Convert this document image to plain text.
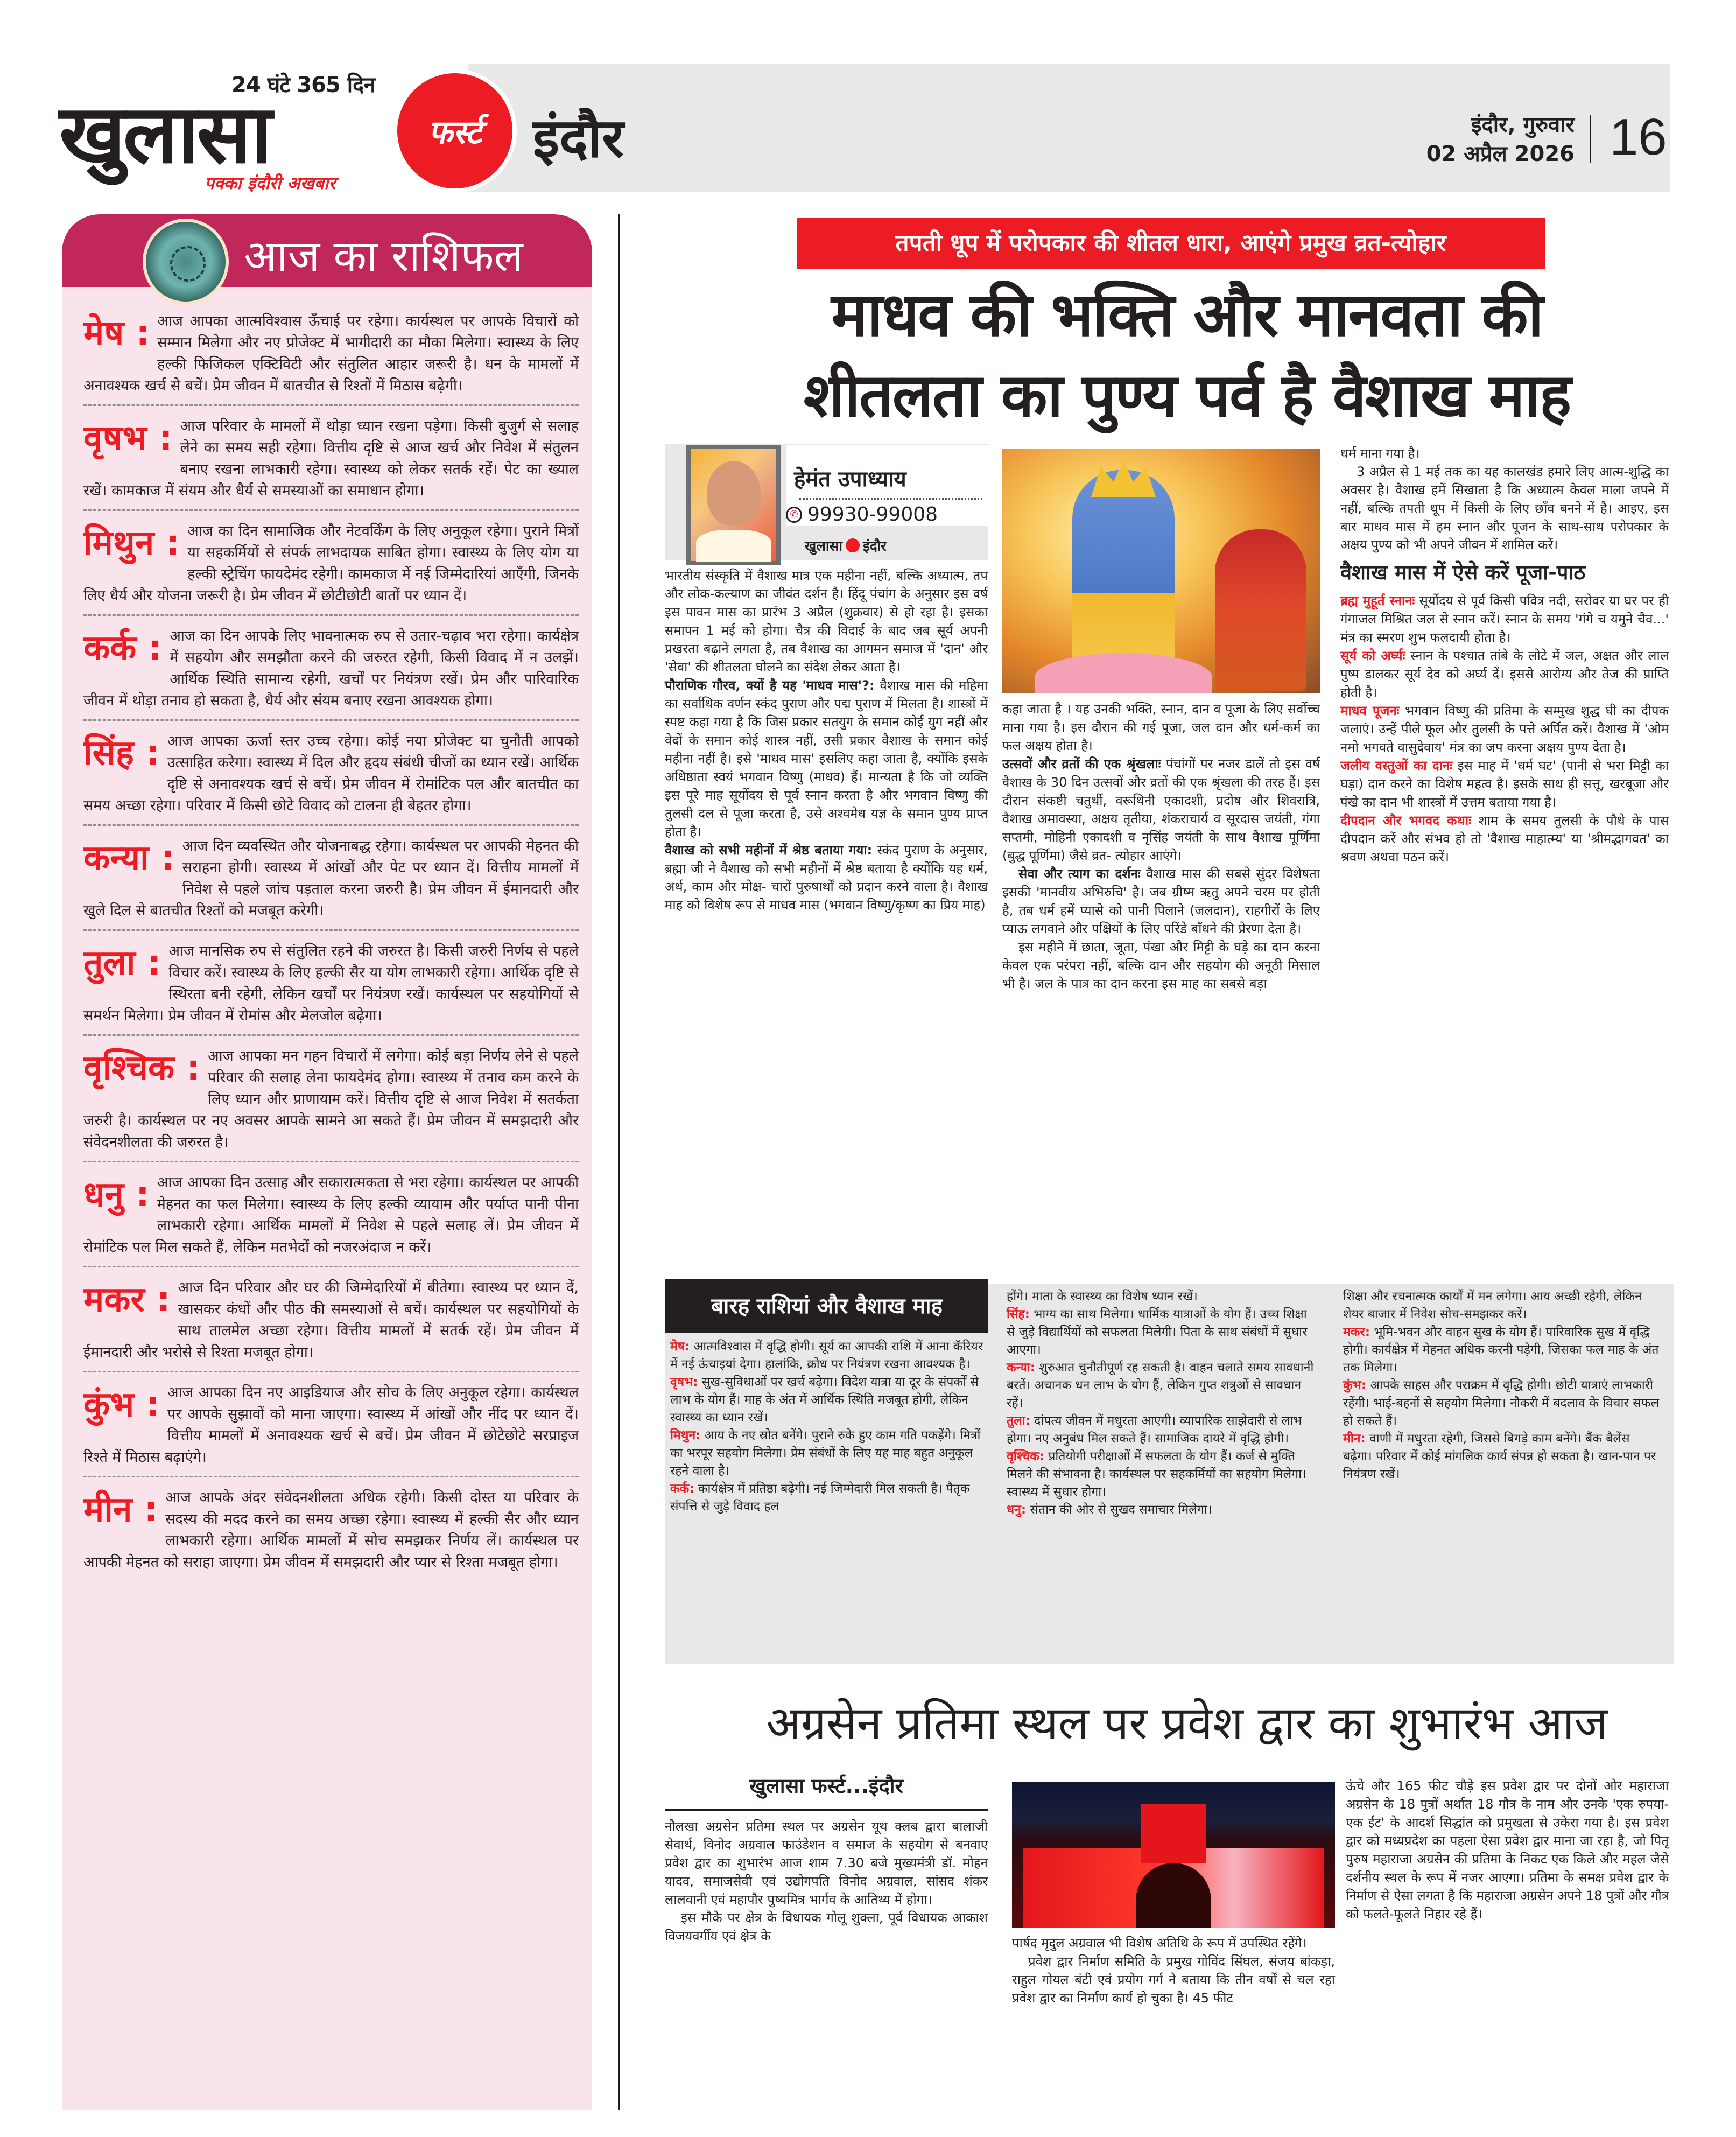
फर्स्ट
24 घंटे 365 दिन
खुलासा
पक्का इंदौरी अखबार
इंदौर	इंदौर, गुरुवार
02 अप्रैल 2026 16
आज का राशिफल
मेष : आज आपका आत्मविश्वास ऊँचाई पर रहेगा। कार्यस्थल पर आपके विचारों को सम्मान मिलेगा और नए प्रोजेक्ट में भागीदारी का मौका मिलेगा। स्वास्थ्य के लिए हल्की फिजिकल एक्टिविटी और संतुलित आहार जरूरी है। धन के मामलों में अनावश्यक खर्च से बचें। प्रेम जीवन में बातचीत से रिश्तों में मिठास बढ़ेगी।
वृषभ : आज परिवार के मामलों में थोड़ा ध्यान रखना पड़ेगा। किसी बुजुर्ग से सलाह लेने का समय सही रहेगा। वित्तीय दृष्टि से आज खर्च और निवेश में संतुलन बनाए रखना लाभकारी रहेगा। स्वास्थ्य को लेकर सतर्क रहें। पेट का ख्याल रखें। कामकाज में संयम और धैर्य से समस्याओं का समाधान होगा।
मिथुन : आज का दिन सामाजिक और नेटवर्किंग के लिए अनुकूल रहेगा। पुराने मित्रों या सहकर्मियों से संपर्क लाभदायक साबित होगा। स्वास्थ्य के लिए योग या हल्की स्ट्रेचिंग फायदेमंद रहेगी। कामकाज में नई जिम्मेदारियां आएँगी, जिनके लिए धैर्य और योजना जरूरी है। प्रेम जीवन में छोटीछोटी बातों पर ध्यान दें।
कर्क : आज का दिन आपके लिए भावनात्मक रुप से उतार-चढ़ाव भरा रहेगा। कार्यक्षेत्र में सहयोग और समझौता करने की जरुरत रहेगी, किसी विवाद में न उलझें। आर्थिक स्थिति सामान्य रहेगी, खर्चों पर नियंत्रण रखें। प्रेम और पारिवारिक जीवन में थोड़ा तनाव हो सकता है, धैर्य और संयम बनाए रखना आवश्यक होगा।
सिंह : आज आपका ऊर्जा स्तर उच्च रहेगा। कोई नया प्रोजेक्ट या चुनौती आपको उत्साहित करेगा। स्वास्थ्य में दिल और हृदय संबंधी चीजों का ध्यान रखें। आर्थिक दृष्टि से अनावश्यक खर्च से बचें। प्रेम जीवन में रोमांटिक पल और बातचीत का समय अच्छा रहेगा। परिवार में किसी छोटे विवाद को टालना ही बेहतर होगा।
कन्या : आज दिन व्यवस्थित और योजनाबद्ध रहेगा। कार्यस्थल पर आपकी मेहनत की सराहना होगी। स्वास्थ्य में आंखों और पेट पर ध्यान दें। वित्तीय मामलों में निवेश से पहले जांच पड़ताल करना जरुरी है। प्रेम जीवन में ईमानदारी और खुले दिल से बातचीत रिश्तों को मजबूत करेगी।
तुला : आज मानसिक रुप से संतुलित रहने की जरुरत है। किसी जरुरी निर्णय से पहले विचार करें। स्वास्थ्य के लिए हल्की सैर या योग लाभकारी रहेगा। आर्थिक दृष्टि से स्थिरता बनी रहेगी, लेकिन खर्चों पर नियंत्रण रखें। कार्यस्थल पर सहयोगियों से समर्थन मिलेगा। प्रेम जीवन में रोमांस और मेलजोल बढ़ेगा।
वृश्चिक : आज आपका मन गहन विचारों में लगेगा। कोई बड़ा निर्णय लेने से पहले परिवार की सलाह लेना फायदेमंद होगा। स्वास्थ्य में तनाव कम करने के लिए ध्यान और प्राणायाम करें। वित्तीय दृष्टि से आज निवेश में सतर्कता जरुरी है। कार्यस्थल पर नए अवसर आपके सामने आ सकते हैं। प्रेम जीवन में समझदारी और संवेदनशीलता की जरुरत है।
धनु : आज आपका दिन उत्साह और सकारात्मकता से भरा रहेगा। कार्यस्थल पर आपकी मेहनत का फल मिलेगा। स्वास्थ्य के लिए हल्की व्यायाम और पर्याप्त पानी पीना लाभकारी रहेगा। आर्थिक मामलों में निवेश से पहले सलाह लें। प्रेम जीवन में रोमांटिक पल मिल सकते हैं, लेकिन मतभेदों को नजरअंदाज न करें।
मकर : आज दिन परिवार और घर की जिम्मेदारियों में बीतेगा। स्वास्थ्य पर ध्यान दें, खासकर कंधों और पीठ की समस्याओं से बचें। कार्यस्थल पर सहयोगियों के साथ तालमेल अच्छा रहेगा। वित्तीय मामलों में सतर्क रहें। प्रेम जीवन में ईमानदारी और भरोसे से रिश्ता मजबूत होगा।
कुंभ : आज आपका दिन नए आइडियाज और सोच के लिए अनुकूल रहेगा। कार्यस्थल पर आपके सुझावों को माना जाएगा। स्वास्थ्य में आंखों और नींद पर ध्यान दें। वित्तीय मामलों में अनावश्यक खर्च से बचें। प्रेम जीवन में छोटेछोटे सरप्राइज रिश्ते में मिठास बढ़ाएंगे।
मीन : आज आपके अंदर संवेदनशीलता अधिक रहेगी। किसी दोस्त या परिवार के सदस्य की मदद करने का समय अच्छा रहेगा। स्वास्थ्य में हल्की सैर और ध्यान लाभकारी रहेगा। आर्थिक मामलों में सोच समझकर निर्णय लें। कार्यस्थल पर आपकी मेहनत को सराहा जाएगा। प्रेम जीवन में समझदारी और प्यार से रिश्ता मजबूत होगा।
तपती धूप में परोपकार की शीतल धारा, आएंगे प्रमुख व्रत-त्योहार
माधव की भक्ति और मानवता की
शीतलता का पुण्य पर्व है वैशाख माह
हेमंत उपाध्याय
✆ 99930-99008
खुलासा इंदौर

भारतीय संस्कृति में वैशाख मात्र एक महीना नहीं, बल्कि अध्यात्म, तप और लोक-कल्याण का जीवंत दर्शन है। हिंदू पंचांग के अनुसार इस वर्ष इस पावन मास का प्रारंभ 3 अप्रैल (शुक्रवार) से हो रहा है। इसका समापन 1 मई को होगा। चैत्र की विदाई के बाद जब सूर्य अपनी प्रखरता बढ़ाने लगता है, तब वैशाख का आगमन समाज में 'दान' और 'सेवा' की शीतलता घोलने का संदेश लेकर आता है।

पौराणिक गौरव, क्यों है यह 'माधव मास'?: वैशाख मास की महिमा का सर्वाधिक वर्णन स्कंद पुराण और पद्म पुराण में मिलता है। शास्त्रों में स्पष्ट कहा गया है कि जिस प्रकार सतयुग के समान कोई युग नहीं और वेदों के समान कोई शास्त्र नहीं, उसी प्रकार वैशाख के समान कोई महीना नहीं है। इसे 'माधव मास' इसलिए कहा जाता है, क्योंकि इसके अधिष्ठाता स्वयं भगवान विष्णु (माधव) हैं। मान्यता है कि जो व्यक्ति इस पूरे माह सूर्योदय से पूर्व स्नान करता है और भगवान विष्णु की तुलसी दल से पूजा करता है, उसे अश्वमेध यज्ञ के समान पुण्य प्राप्त होता है।

वैशाख को सभी महीनों में श्रेष्ठ बताया गया: स्कंद पुराण के अनुसार, ब्रह्मा जी ने वैशाख को सभी महीनों में श्रेष्ठ बताया है क्योंकि यह धर्म, अर्थ, काम और मोक्ष- चारों पुरुषार्थों को प्रदान करने वाला है। वैशाख माह को विशेष रूप से माधव मास (भगवान विष्णु/कृष्ण का प्रिय माह)

कहा जाता है । यह उनकी भक्ति, स्नान, दान व पूजा के लिए सर्वोच्च माना गया है। इस दौरान की गई पूजा, जल दान और धर्म-कर्म का फल अक्षय होता है।

उत्सवों और व्रतों की एक श्रृंखलाः पंचांगों पर नजर डालें तो इस वर्ष वैशाख के 30 दिन उत्सवों और व्रतों की एक श्रृंखला की तरह हैं। इस दौरान संकष्टी चतुर्थी, वरूथिनी एकादशी, प्रदोष और शिवरात्रि, वैशाख अमावस्या, अक्षय तृतीया, शंकराचार्य व सूरदास जयंती, गंगा सप्तमी, मोहिनी एकादशी व नृसिंह जयंती के साथ वैशाख पूर्णिमा (बुद्ध पूर्णिमा) जैसे व्रत- त्योहार आएंगे।

सेवा और त्याग का दर्शनः वैशाख मास की सबसे सुंदर विशेषता इसकी 'मानवीय अभिरुचि' है। जब ग्रीष्म ऋतु अपने चरम पर होती है, तब धर्म हमें प्यासे को पानी पिलाने (जलदान), राहगीरों के लिए प्याऊ लगवाने और पक्षियों के लिए परिंडे बाँधने की प्रेरणा देता है।

इस महीने में छाता, जूता, पंखा और मिट्टी के घड़े का दान करना केवल एक परंपरा नहीं, बल्कि दान और सहयोग की अनूठी मिसाल भी है। जल के पात्र का दान करना इस माह का सबसे बड़ा

धर्म माना गया है।

3 अप्रैल से 1 मई तक का यह कालखंड हमारे लिए आत्म-शुद्धि का अवसर है। वैशाख हमें सिखाता है कि अध्यात्म केवल माला जपने में नहीं, बल्कि तपती धूप में किसी के लिए छाँव बनने में है। आइए, इस बार माधव मास में हम स्नान और पूजन के साथ-साथ परोपकार के अक्षय पुण्य को भी अपने जीवन में शामिल करें।

वैशाख मास में ऐसे करें पूजा-पाठ

ब्रह्म मुहूर्त स्नानः सूर्योदय से पूर्व किसी पवित्र नदी, सरोवर या घर पर ही गंगाजल मिश्रित जल से स्नान करें। स्नान के समय 'गंगे च यमुने चैव...' मंत्र का स्मरण शुभ फलदायी होता है।

सूर्य को अर्घ्यः स्नान के पश्चात तांबे के लोटे में जल, अक्षत और लाल पुष्प डालकर सूर्य देव को अर्घ्य दें। इससे आरोग्य और तेज की प्राप्ति होती है।

माधव पूजनः भगवान विष्णु की प्रतिमा के सम्मुख शुद्ध घी का दीपक जलाएं। उन्हें पीले फूल और तुलसी के पत्ते अर्पित करें। वैशाख में 'ओम नमो भगवते वासुदेवाय' मंत्र का जप करना अक्षय पुण्य देता है।

जलीय वस्तुओं का दानः इस माह में 'धर्म घट' (पानी से भरा मिट्टी का घड़ा) दान करने का विशेष महत्व है। इसके साथ ही सत्तू, खरबूजा और पंखे का दान भी शास्त्रों में उत्तम बताया गया है।

दीपदान और भगवद कथाः शाम के समय तुलसी के पौधे के पास दीपदान करें और संभव हो तो 'वैशाख माहात्म्य' या 'श्रीमद्भागवत' का श्रवण अथवा पठन करें।

बारह राशियां और वैशाख माह

मेष: आत्मविश्वास में वृद्धि होगी। सूर्य का आपकी राशि में आना कॅरियर में नई ऊंचाइयां देगा। हालांकि, क्रोध पर नियंत्रण रखना आवश्यक है।

वृषभ: सुख-सुविधाओं पर खर्च बढ़ेगा। विदेश यात्रा या दूर के संपर्कों से लाभ के योग हैं। माह के अंत में आर्थिक स्थिति मजबूत होगी, लेकिन स्वास्थ्य का ध्यान रखें।

मिथुन: आय के नए स्रोत बनेंगे। पुराने रुके हुए काम गति पकड़ेंगे। मित्रों का भरपूर सहयोग मिलेगा। प्रेम संबंधों के लिए यह माह बहुत अनुकूल रहने वाला है।

कर्क: कार्यक्षेत्र में प्रतिष्ठा बढ़ेगी। नई जिम्मेदारी मिल सकती है। पैतृक संपत्ति से जुड़े विवाद हल

होंगे। माता के स्वास्थ्य का विशेष ध्यान रखें।

सिंह: भाग्य का साथ मिलेगा। धार्मिक यात्राओं के योग हैं। उच्च शिक्षा से जुड़े विद्यार्थियों को सफलता मिलेगी। पिता के साथ संबंधों में सुधार आएगा।

कन्या: शुरुआत चुनौतीपूर्ण रह सकती है। वाहन चलाते समय सावधानी बरतें। अचानक धन लाभ के योग हैं, लेकिन गुप्त शत्रुओं से सावधान रहें।

तुला: दांपत्य जीवन में मधुरता आएगी। व्यापारिक साझेदारी से लाभ होगा। नए अनुबंध मिल सकते हैं। सामाजिक दायरे में वृद्धि होगी।

वृश्चिक: प्रतियोगी परीक्षाओं में सफलता के योग हैं। कर्ज से मुक्ति मिलने की संभावना है। कार्यस्थल पर सहकर्मियों का सहयोग मिलेगा। स्वास्थ्य में सुधार होगा।

धनु: संतान की ओर से सुखद समाचार मिलेगा।

शिक्षा और रचनात्मक कार्यों में मन लगेगा। आय अच्छी रहेगी, लेकिन शेयर बाजार में निवेश सोच-समझकर करें।

मकर: भूमि-भवन और वाहन सुख के योग हैं। पारिवारिक सुख में वृद्धि होगी। कार्यक्षेत्र में मेहनत अधिक करनी पड़ेगी, जिसका फल माह के अंत तक मिलेगा।

कुंभ: आपके साहस और पराक्रम में वृद्धि होगी। छोटी यात्राएं लाभकारी रहेंगी। भाई-बहनों से सहयोग मिलेगा। नौकरी में बदलाव के विचार सफल हो सकते हैं।

मीन: वाणी में मधुरता रहेगी, जिससे बिगड़े काम बनेंगे। बैंक बैलेंस बढ़ेगा। परिवार में कोई मांगलिक कार्य संपन्न हो सकता है। खान-पान पर नियंत्रण रखें।

अग्रसेन प्रतिमा स्थल पर प्रवेश द्वार का शुभारंभ आज
खुलासा फर्स्ट...इंदौर

नौलखा अग्रसेन प्रतिमा स्थल पर अग्रसेन यूथ क्लब द्वारा बालाजी सेवार्थ, विनोद अग्रवाल फाउंडेशन व समाज के सहयोग से बनवाए प्रवेश द्वार का शुभारंभ आज शाम 7.30 बजे मुख्यमंत्री डॉ. मोहन यादव, समाजसेवी एवं उद्योगपति विनोद अग्रवाल, सांसद शंकर लालवानी एवं महापौर पुष्यमित्र भार्गव के आतिथ्य में होगा।

इस मौके पर क्षेत्र के विधायक गोलू शुक्ला, पूर्व विधायक आकाश विजयवर्गीय एवं क्षेत्र के	पार्षद मृदुल अग्रवाल भी विशेष अतिथि के रूप में उपस्थित रहेंगे।

प्रवेश द्वार निर्माण समिति के प्रमुख गोविंद सिंघल, संजय बांकड़ा, राहुल गोयल बंटी एवं प्रयोग गर्ग ने बताया कि तीन वर्षों से चल रहा प्रवेश द्वार का निर्माण कार्य हो चुका है। 45 फीट

ऊंचे और 165 फीट चौड़े इस प्रवेश द्वार पर दोनों ओर महाराजा अग्रसेन के 18 पुत्रों अर्थात 18 गौत्र के नाम और उनके 'एक रुपया-एक ईंट' के आदर्श सिद्धांत को प्रमुखता से उकेरा गया है। इस प्रवेश द्वार को मध्यप्रदेश का पहला ऐसा प्रवेश द्वार माना जा रहा है, जो पितृ पुरुष महाराजा अग्रसेन की प्रतिमा के निकट एक किले और महल जैसे दर्शनीय स्थल के रूप में नजर आएगा। प्रतिमा के समक्ष प्रवेश द्वार के निर्माण से ऐसा लगता है कि महाराजा अग्रसेन अपने 18 पुत्रों और गौत्र को फलते-फूलते निहार रहे हैं।
